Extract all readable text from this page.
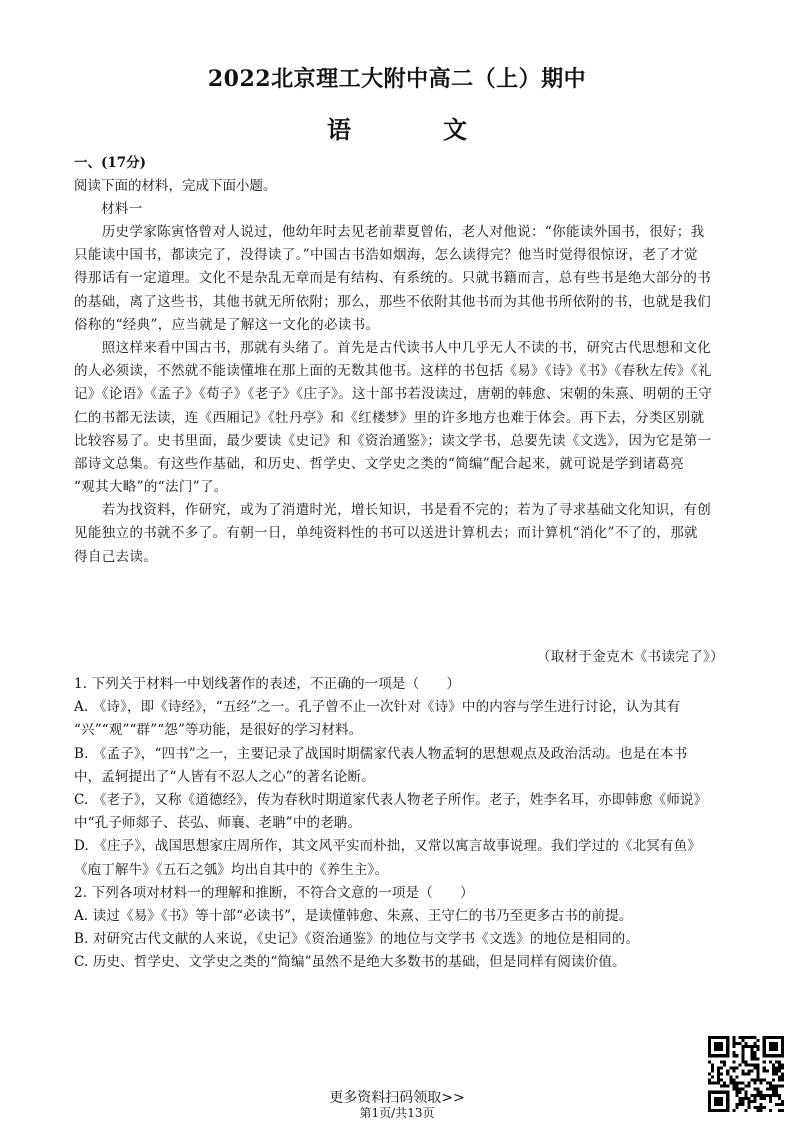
2022北京理工大附中高二（上）期中
语　文
一、(17分)
阅读下面的材料，完成下面小题。
材料一
　　历史学家陈寅恪曾对人说过，他幼年时去见老前辈夏曾佑，老人对他说：“你能读外国书，很好；我
只能读中国书，都读完了，没得读了。”中国古书浩如烟海，怎么读得完？他当时觉得很惊讶，老了才觉
得那话有一定道理。文化不是杂乱无章而是有结构、有系统的。只就书籍而言，总有些书是绝大部分的书
的基础，离了这些书，其他书就无所依附；那么，那些不依附其他书而为其他书所依附的书，也就是我们
俗称的“经典”，应当就是了解这一文化的必读书。
　　照这样来看中国古书，那就有头绪了。首先是古代读书人中几乎无人不读的书，研究古代思想和文化
的人必须读，不然就不能读懂堆在那上面的无数其他书。这样的书包括《易》《诗》《书》《春秋左传》《礼
记》《论语》《孟子》《荀子》《老子》《庄子》。这十部书若没读过，唐朝的韩愈、宋朝的朱熹、明朝的王守
仁的书都无法读，连《西厢记》《牡丹亭》和《红楼梦》里的许多地方也难于体会。再下去，分类区别就
比较容易了。史书里面，最少要读《史记》和《资治通鉴》；读文学书，总要先读《文选》，因为它是第一
部诗文总集。有这些作基础，和历史、哲学史、文学史之类的“简编”配合起来，就可说是学到诸葛亮
“观其大略”的“法门”了。
　　若为找资料，作研究，或为了消遣时光，增长知识，书是看不完的；若为了寻求基础文化知识，有创
见能独立的书就不多了。有朝一日，单纯资料性的书可以送进计算机去；而计算机“消化”不了的，那就
得自己去读。
（取材于金克木《书读完了》）
1. 下列关于材料一中划线著作的表述，不正确的一项是（　　）
A. 《诗》，即《诗经》，“五经”之一。孔子曾不止一次针对《诗》中的内容与学生进行讨论，认为其有
“兴”“观”“群”“怨”等功能，是很好的学习材料。
B. 《孟子》，“四书”之一，主要记录了战国时期儒家代表人物孟轲的思想观点及政治活动。也是在本书
中，孟轲提出了“人皆有不忍人之心”的著名论断。
C. 《老子》，又称《道德经》，传为春秋时期道家代表人物老子所作。老子，姓李名耳，亦即韩愈《师说》
中“孔子师郯子、苌弘、师襄、老聃”中的老聃。
D. 《庄子》，战国思想家庄周所作，其文风平实而朴拙，又常以寓言故事说理。我们学过的《北冥有鱼》
《庖丁解牛》《五石之瓠》均出自其中的《养生主》。
2. 下列各项对材料一的理解和推断，不符合文意的一项是（　　）
A. 读过《易》《书》等十部“必读书”，是读懂韩愈、朱熹、王守仁的书乃至更多古书的前提。
B. 对研究古代文献的人来说，《史记》《资治通鉴》的地位与文学书《文选》的地位是相同的。
C. 历史、哲学史、文学史之类的“简编”虽然不是绝大多数书的基础，但是同样有阅读价值。
更多资料扫码领取>>
第1页/共13页
